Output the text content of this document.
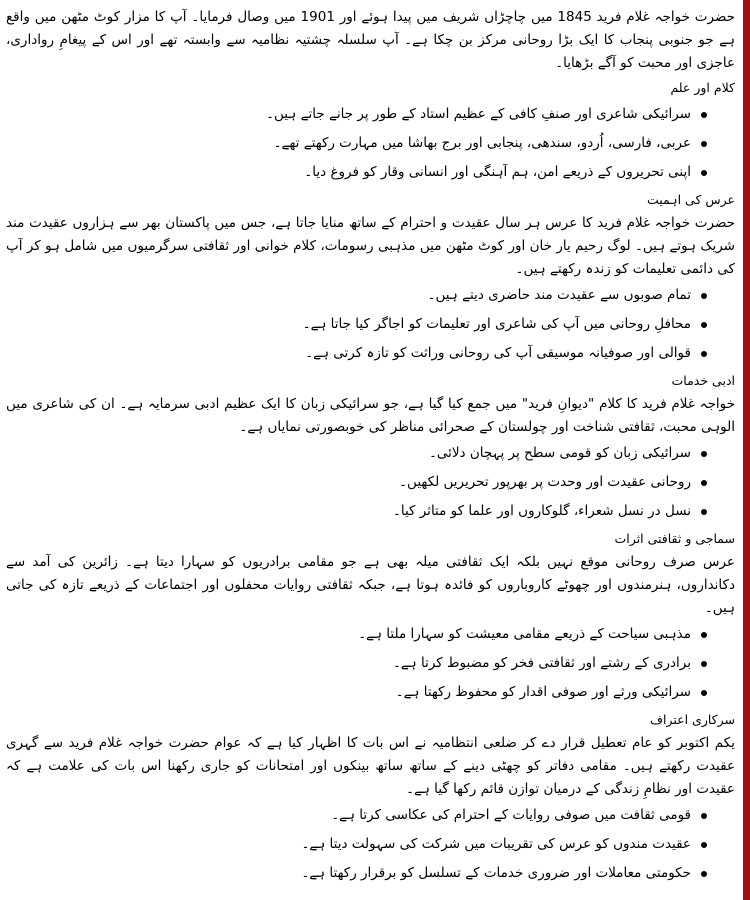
حضرت خواجہ غلام فرید 1845 میں چاچڑاں شریف میں پیدا ہوئے اور 1901 میں وصال فرمایا۔ آپ کا مزار کوٹ مٹھن میں واقع ہے جو جنوبی پنجاب کا ایک بڑا روحانی مرکز بن چکا ہے۔ آپ سلسلہ چشتیہ نظامیہ سے وابستہ تھے اور اس کے پیغامِ رواداری، عاجزی اور محبت کو آگے بڑھایا۔

کلام اور علم
سرائیکی شاعری اور صنفِ کافی کے عظیم استاد کے طور پر جانے جاتے ہیں۔
عربی، فارسی، اُردو، سندھی، پنجابی اور برج بھاشا میں مہارت رکھتے تھے۔
اپنی تحریروں کے ذریعے امن، ہم آہنگی اور انسانی وقار کو فروغ دیا۔
عرس کی اہمیت

حضرت خواجہ غلام فرید کا عرس ہر سال عقیدت و احترام کے ساتھ منایا جاتا ہے، جس میں پاکستان بھر سے ہزاروں عقیدت مند شریک ہوتے ہیں۔ لوگ رحیم یار خان اور کوٹ مٹھن میں مذہبی رسومات، کلام خوانی اور ثقافتی سرگرمیوں میں شامل ہو کر آپ کی دائمی تعلیمات کو زندہ رکھتے ہیں۔

تمام صوبوں سے عقیدت مند حاضری دیتے ہیں۔
محافلِ روحانی میں آپ کی شاعری اور تعلیمات کو اجاگر کیا جاتا ہے۔
قوالی اور صوفیانہ موسیقی آپ کی روحانی وراثت کو تازہ کرتی ہے۔
ادبی خدمات

خواجہ غلام فرید کا کلام "دیوانِ فرید" میں جمع کیا گیا ہے، جو سرائیکی زبان کا ایک عظیم ادبی سرمایہ ہے۔ ان کی شاعری میں الوہی محبت، ثقافتی شناخت اور چولستان کے صحرائی مناظر کی خوبصورتی نمایاں ہے۔

سرائیکی زبان کو قومی سطح پر پہچان دلائی۔
روحانی عقیدت اور وحدت پر بھرپور تحریریں لکھیں۔
نسل در نسل شعراء، گلوکاروں اور علما کو متاثر کیا۔
سماجی و ثقافتی اثرات

عرس صرف روحانی موقع نہیں بلکہ ایک ثقافتی میلہ بھی ہے جو مقامی برادریوں کو سہارا دیتا ہے۔ زائرین کی آمد سے دکانداروں، ہنرمندوں اور چھوٹے کاروباروں کو فائدہ ہوتا ہے، جبکہ ثقافتی روایات محفلوں اور اجتماعات کے ذریعے تازہ کی جاتی ہیں۔

مذہبی سیاحت کے ذریعے مقامی معیشت کو سہارا ملتا ہے۔
برادری کے رشتے اور ثقافتی فخر کو مضبوط کرتا ہے۔
سرائیکی ورثے اور صوفی اقدار کو محفوظ رکھتا ہے۔
سرکاری اعتراف

یکم اکتوبر کو عام تعطیل قرار دے کر ضلعی انتظامیہ نے اس بات کا اظہار کیا ہے کہ عوام حضرت خواجہ غلام فرید سے گہری عقیدت رکھتے ہیں۔ مقامی دفاتر کو چھٹی دینے کے ساتھ ساتھ بینکوں اور امتحانات کو جاری رکھنا اس بات کی علامت ہے کہ عقیدت اور نظامِ زندگی کے درمیان توازن قائم رکھا گیا ہے۔

قومی ثقافت میں صوفی روایات کے احترام کی عکاسی کرتا ہے۔
عقیدت مندوں کو عرس کی تقریبات میں شرکت کی سہولت دیتا ہے۔
حکومتی معاملات اور ضروری خدمات کے تسلسل کو برقرار رکھتا ہے۔
